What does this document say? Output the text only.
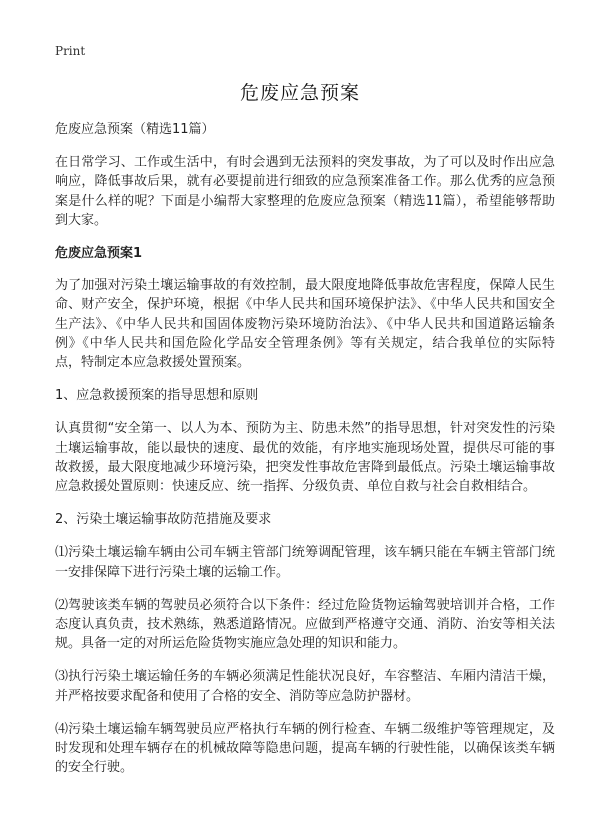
Print
危废应急预案

危废应急预案（精选11篇）

在日常学习、工作或生活中，有时会遇到无法预料的突发事故，为了可以及时作出应急响应，降低事故后果，就有必要提前进行细致的应急预案准备工作。那么优秀的应急预案是什么样的呢？下面是小编帮大家整理的危废应急预案（精选11篇），希望能够帮助到大家。

危废应急预案1

为了加强对污染土壤运输事故的有效控制，最大限度地降低事故危害程度，保障人民生命、财产安全，保护环境，根据《中华人民共和国环境保护法》、《中华人民共和国安全生产法》、《中华人民共和国固体废物污染环境防治法》、《中华人民共和国道路运输条例》《中华人民共和国危险化学品安全管理条例》等有关规定，结合我单位的实际特点，特制定本应急救援处置预案。

1、应急救援预案的指导思想和原则

认真贯彻“安全第一、以人为本、预防为主、防患未然”的指导思想，针对突发性的污染土壤运输事故，能以最快的速度、最优的效能，有序地实施现场处置，提供尽可能的事故救援，最大限度地减少环境污染，把突发性事故危害降到最低点。污染土壤运输事故应急救援处置原则：快速反应、统一指挥、分级负责、单位自救与社会自救相结合。

2、污染土壤运输事故防范措施及要求

⑴污染土壤运输车辆由公司车辆主管部门统筹调配管理，该车辆只能在车辆主管部门统一安排保障下进行污染土壤的运输工作。

⑵驾驶该类车辆的驾驶员必须符合以下条件：经过危险货物运输驾驶培训并合格，工作态度认真负责，技术熟练，熟悉道路情况。应做到严格遵守交通、消防、治安等相关法规。具备一定的对所运危险货物实施应急处理的知识和能力。

⑶执行污染土壤运输任务的车辆必须满足性能状况良好，车容整洁、车厢内清洁干燥，并严格按要求配备和使用了合格的安全、消防等应急防护器材。

⑷污染土壤运输车辆驾驶员应严格执行车辆的例行检查、车辆二级维护等管理规定，及时发现和处理车辆存在的机械故障等隐患问题，提高车辆的行驶性能，以确保该类车辆的安全行驶。
